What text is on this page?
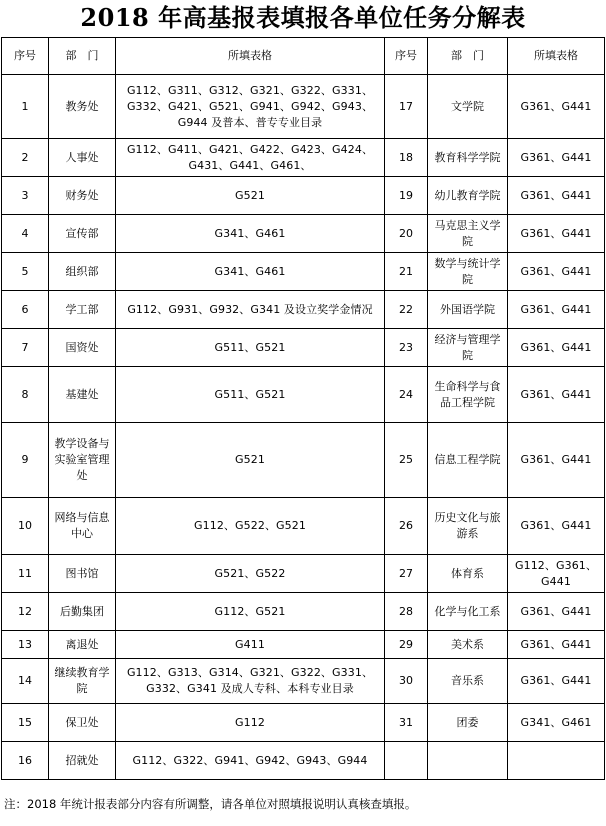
2018 年高基报表填报各单位任务分解表
序号	部　门	所填表格	序号	部　门	所填表格
1	教务处	G112、G311、G312、G321、G322、G331、G332、G421、G521、G941、G942、G943、G944 及普本、普专专业目录	17	文学院	G361、G441
2	人事处	G112、G411、G421、G422、G423、G424、G431、G441、G461、	18	教育科学学院	G361、G441
3	财务处	G521	19	幼儿教育学院	G361、G441
4	宣传部	G341、G461	20	马克思主义学院	G361、G441
5	组织部	G341、G461	21	数学与统计学院	G361、G441
6	学工部	G112、G931、G932、G341 及设立奖学金情况	22	外国语学院	G361、G441
7	国资处	G511、G521	23	经济与管理学院	G361、G441
8	基建处	G511、G521	24	生命科学与食品工程学院	G361、G441
9	教学设备与实验室管理处	G521	25	信息工程学院	G361、G441
10	网络与信息中心	G112、G522、G521	26	历史文化与旅游系	G361、G441
11	图书馆	G521、G522	27	体育系	G112、G361、G441
12	后勤集团	G112、G521	28	化学与化工系	G361、G441
13	离退处	G411	29	美术系	G361、G441
14	继续教育学院	G112、G313、G314、G321、G322、G331、G332、G341 及成人专科、本科专业目录	30	音乐系	G361、G441
15	保卫处	G112	31	团委	G341、G461
16	招就处	G112、G322、G941、G942、G943、G944			
注：2018 年统计报表部分内容有所调整，请各单位对照填报说明认真核查填报。
